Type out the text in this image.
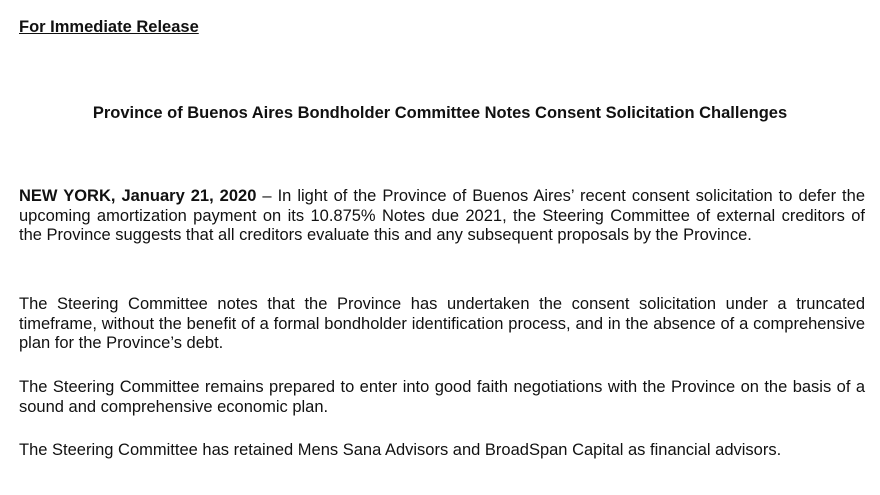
For Immediate Release

Province of Buenos Aires Bondholder Committee Notes Consent Solicitation Challenges

NEW YORK, January 21, 2020 – In light of the Province of Buenos Aires’ recent consent solicitation to defer the upcoming amortization payment on its 10.875% Notes due 2021, the Steering Committee of external creditors of the Province suggests that all creditors evaluate this and any subsequent proposals by the Province.

The Steering Committee notes that the Province has undertaken the consent solicitation under a truncated timeframe, without the benefit of a formal bondholder identification process, and in the absence of a comprehensive plan for the Province’s debt.

The Steering Committee remains prepared to enter into good faith negotiations with the Province on the basis of a sound and comprehensive economic plan.

The Steering Committee has retained Mens Sana Advisors and BroadSpan Capital as financial advisors.
